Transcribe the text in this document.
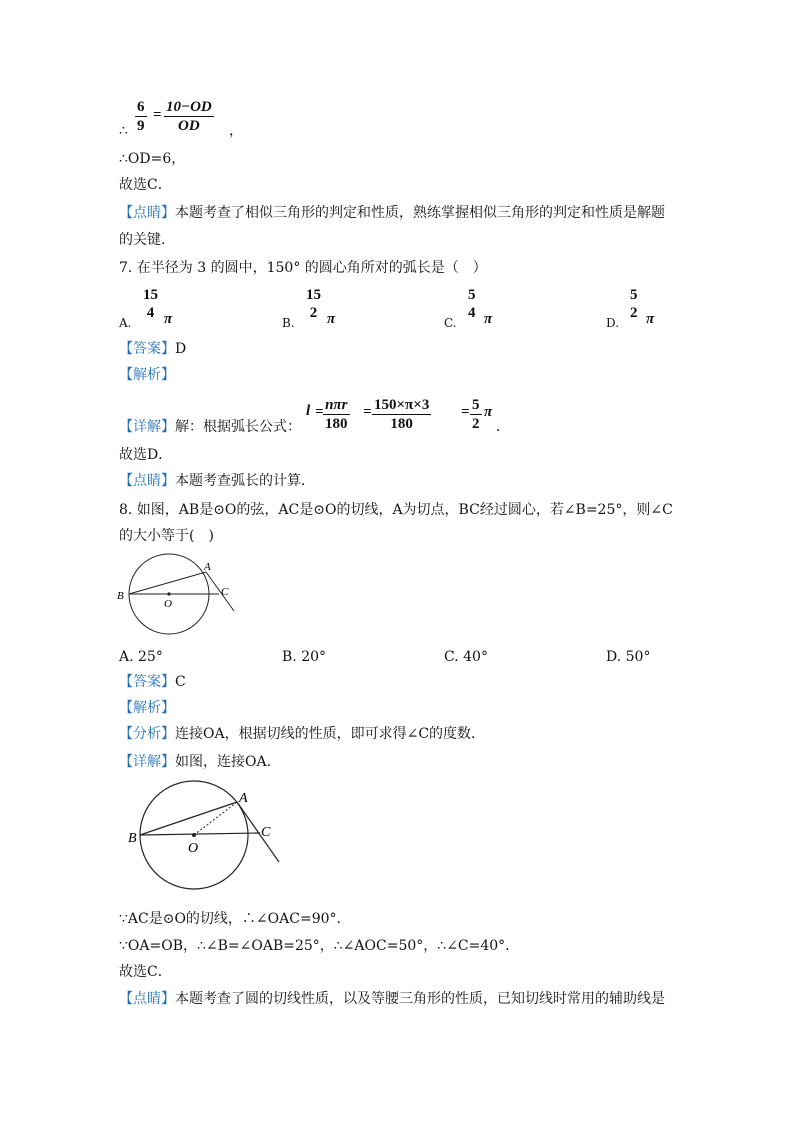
∴ $\frac{6}{9} = \frac{10-OD}{OD}$ ，
∴OD=6，
故选C．
【点睛】本题考查了相似三角形的判定和性质，熟练掌握相似三角形的判定和性质是解题
的关键．
7. 在半径为 3 的圆中，150° 的圆心角所对的弧长是（　）
A.
15
4 π	B.
15
2 π	C.
5
4 π	D.
5
2 π
【答案】D
【解析】
【详解】解：根据弧长公式：
l = nπr
180
= $\frac{150\times\pi\times 3}{180} = \frac{5}{2}$ π
．
故选D．
【点睛】本题考查弧长的计算．
8. 如图，AB是⊙O的弦，AC是⊙O的切线，A为切点，BC经过圆心，若∠B=25°，则∠C
的大小等于(　)
B
A
C
O
A. 25°	B. 20°	C. 40°	D. 50°
【答案】C
【解析】
【分析】连接OA，根据切线的性质，即可求得∠C的度数．
【详解】如图，连接OA．
B
A
C
O
∵AC是⊙O的切线，∴∠OAC=90°．
∵OA=OB，∴∠B=∠OAB=25°，∴∠AOC=50°，∴∠C=40°．
故选C．
【点睛】本题考查了圆的切线性质，以及等腰三角形的性质，已知切线时常用的辅助线是
